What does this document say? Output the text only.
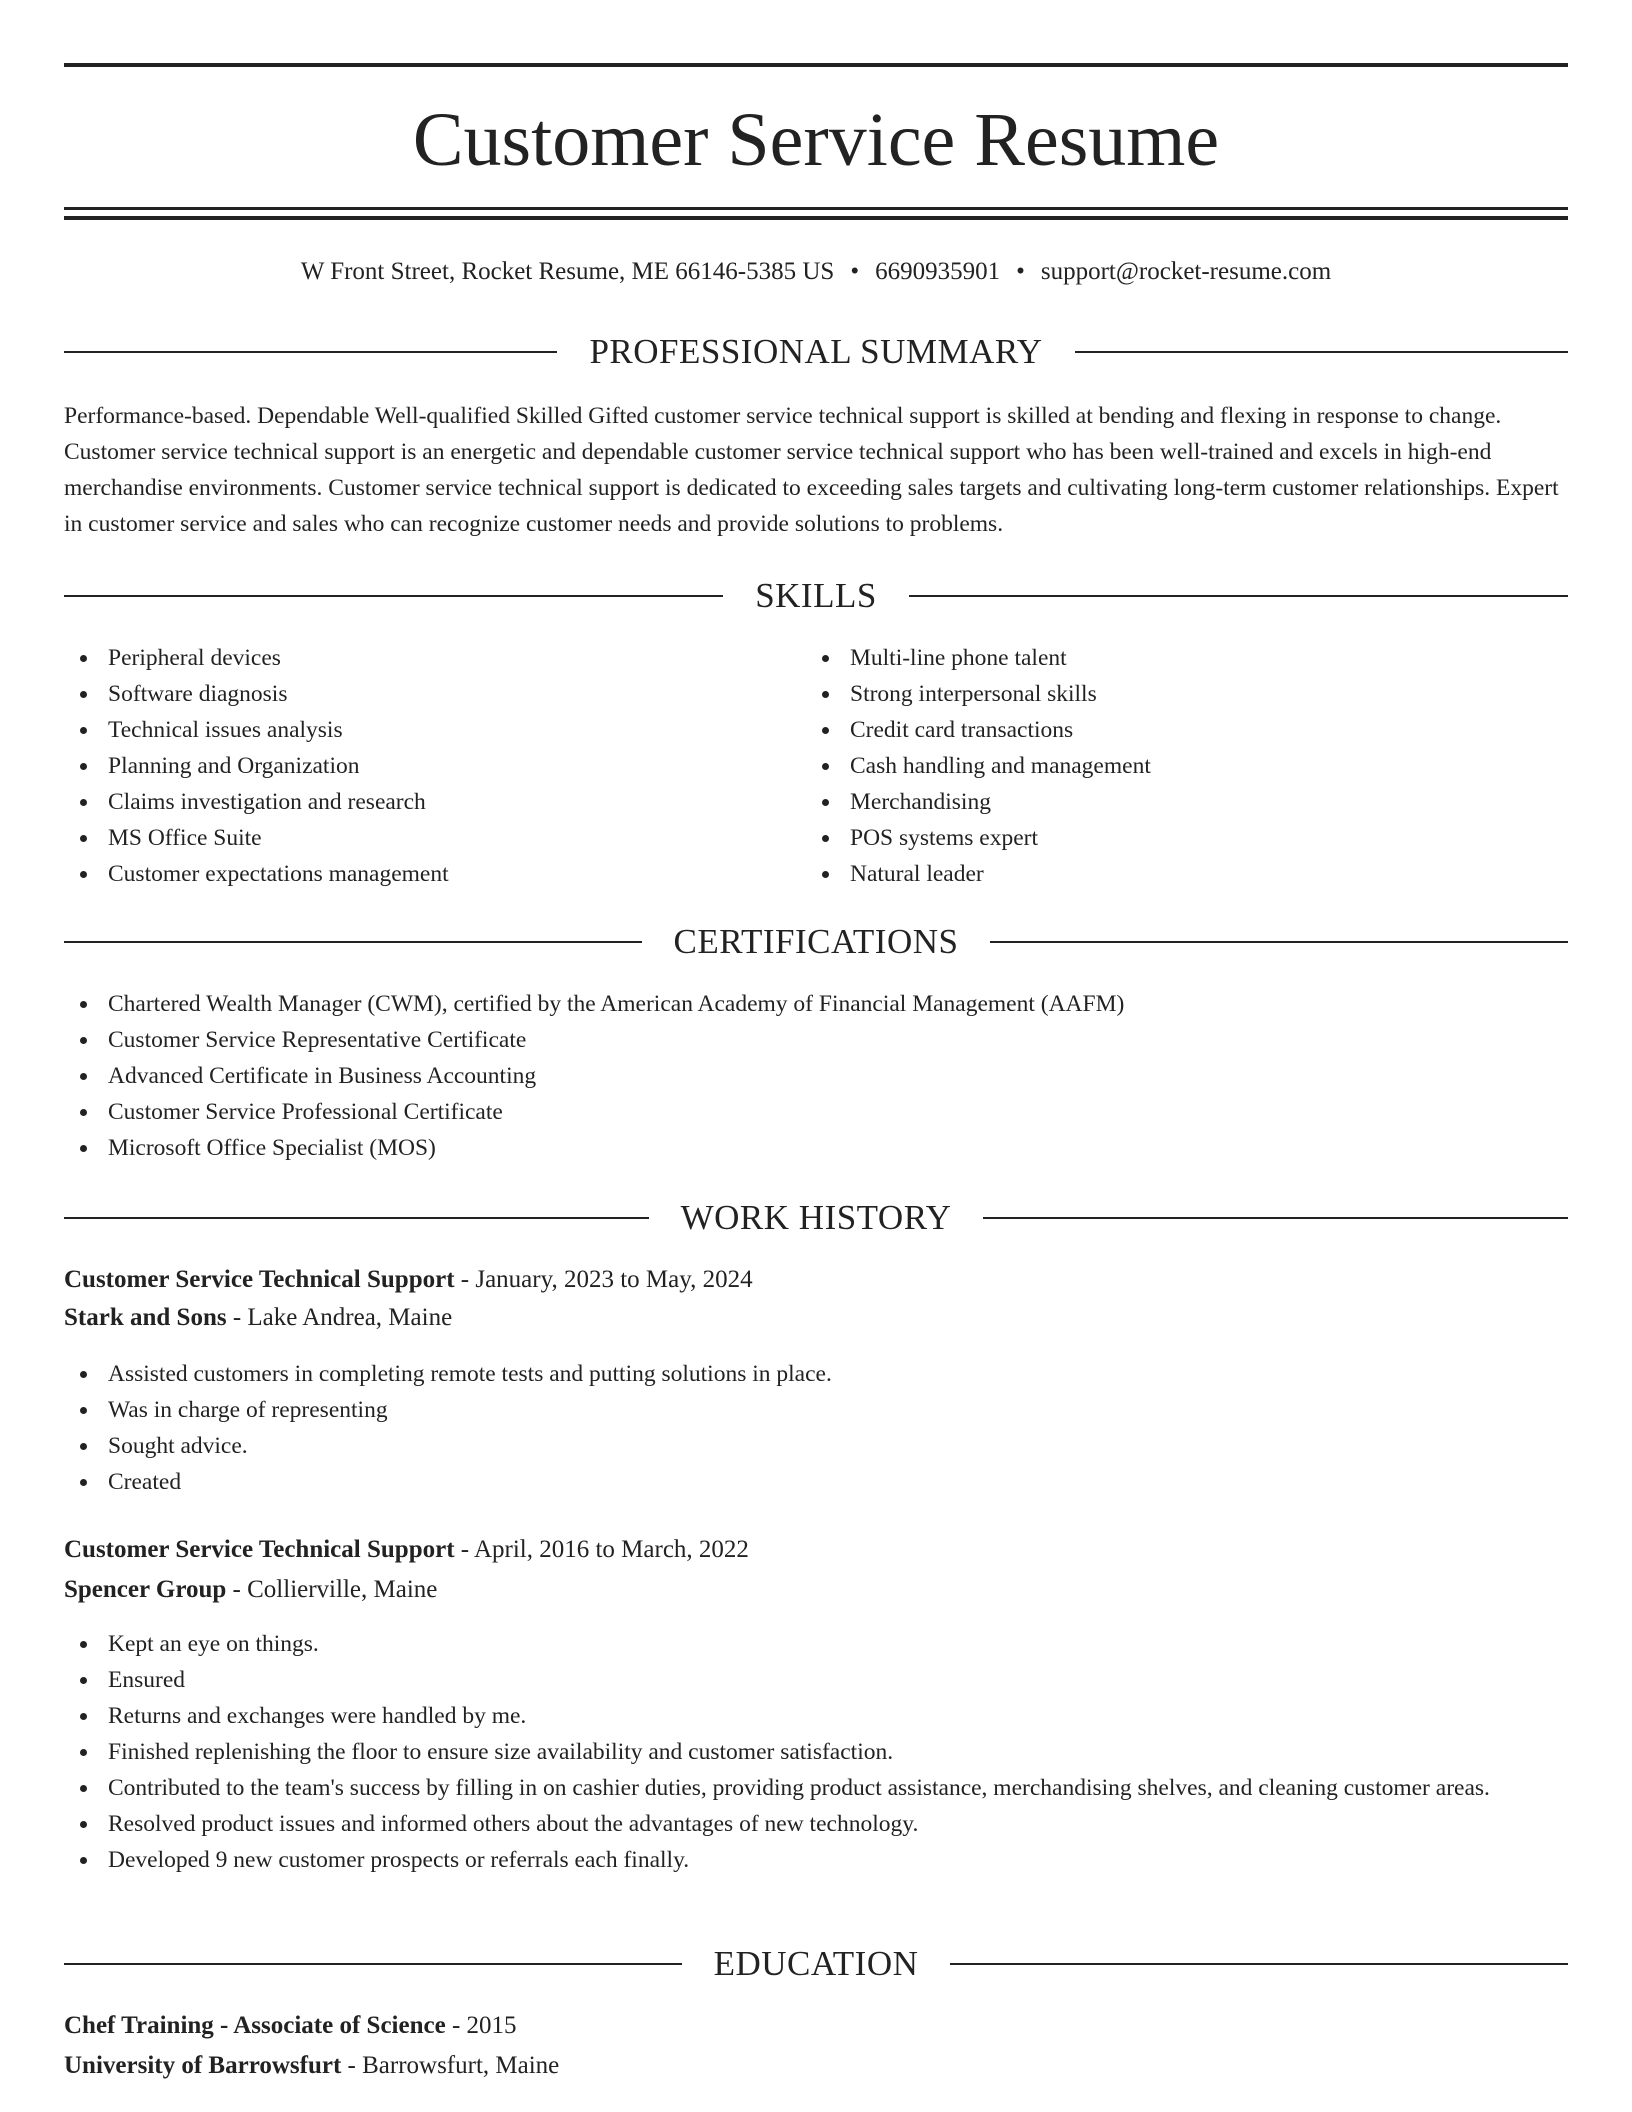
Customer Service Resume
W Front Street, Rocket Resume, ME 66146-5385 US • 6690935901 • support@rocket-resume.com
PROFESSIONAL SUMMARY

Performance-based. Dependable Well-qualified Skilled Gifted customer service technical support is skilled at bending and flexing in response to change. Customer service technical support is an energetic and dependable customer service technical support who has been well-trained and excels in high-end merchandise environments. Customer service technical support is dedicated to exceeding sales targets and cultivating long-term customer relationships. Expert in customer service and sales who can recognize customer needs and provide solutions to problems.

SKILLS
Peripheral devices
Software diagnosis
Technical issues analysis
Planning and Organization
Claims investigation and research
MS Office Suite
Customer expectations management
Multi-line phone talent
Strong interpersonal skills
Credit card transactions
Cash handling and management
Merchandising
POS systems expert
Natural leader
CERTIFICATIONS
Chartered Wealth Manager (CWM), certified by the American Academy of Financial Management (AAFM)
Customer Service Representative Certificate
Advanced Certificate in Business Accounting
Customer Service Professional Certificate
Microsoft Office Specialist (MOS)
WORK HISTORY
Customer Service Technical Support - January, 2023 to May, 2024
Stark and Sons - Lake Andrea, Maine
Assisted customers in completing remote tests and putting solutions in place.
Was in charge of representing
Sought advice.
Created
Customer Service Technical Support - April, 2016 to March, 2022
Spencer Group - Collierville, Maine
Kept an eye on things.
Ensured
Returns and exchanges were handled by me.
Finished replenishing the floor to ensure size availability and customer satisfaction.
Contributed to the team's success by filling in on cashier duties, providing product assistance, merchandising shelves, and cleaning customer areas.
Resolved product issues and informed others about the advantages of new technology.
Developed 9 new customer prospects or referrals each finally.
EDUCATION
Chef Training - Associate of Science - 2015
University of Barrowsfurt - Barrowsfurt, Maine
